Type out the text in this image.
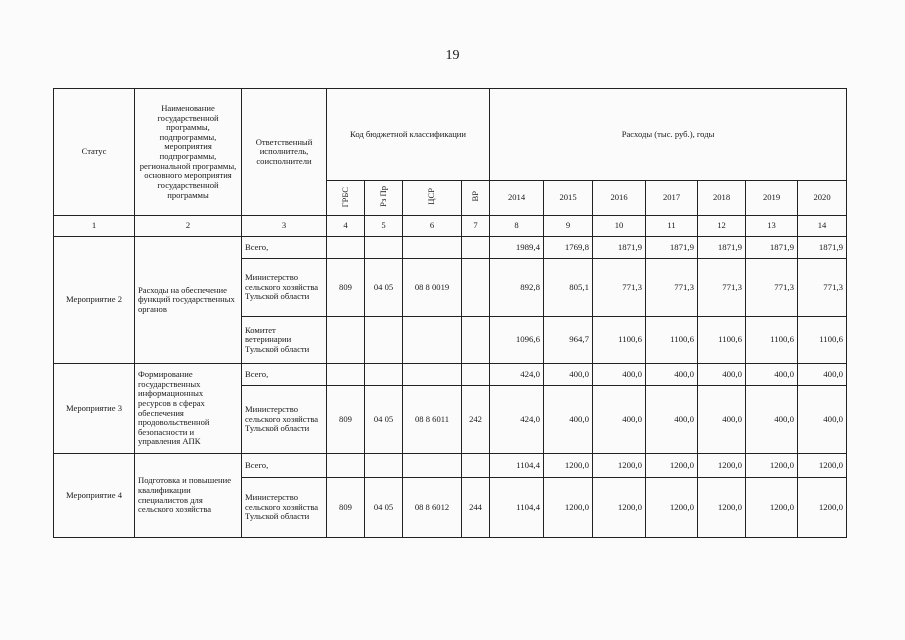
19
Статус	Наименование государственной программы, подпрограммы, мероприятия подпрограммы, региональной программы, основного мероприятия государственной программы	Ответственный исполнитель, соисполнители	Код бюджетной классификации				Расходы (тыс. руб.), годы						
			ГРБС	Рз Пр	ЦСР	ВР	2014	2015	2016	2017	2018	2019	2020
1	2	3	4	5	6	7	8	9	10	11	12	13	14
Мероприятие 2	Расходы на обеспечение функций государственных органов	Всего,					1989,4	1769,8	1871,9	1871,9	1871,9	1871,9	1871,9
		Министерство сельского хозяйства Тульской области	809	04 05	08 8 0019		892,8	805,1	771,3	771,3	771,3	771,3	771,3
		Комитет ветеринарии Тульской области					1096,6	964,7	1100,6	1100,6	1100,6	1100,6	1100,6
Мероприятие 3	Формирование государственных информационных ресурсов в сферах обеспечения продовольственной безопасности и управления АПК	Всего,					424,0	400,0	400,0	400,0	400,0	400,0	400,0
		Министерство сельского хозяйства Тульской области	809	04 05	08 8 6011	242	424,0	400,0	400,0	400,0	400,0	400,0	400,0
Мероприятие 4	Подготовка и повышение квалификации специалистов для сельского хозяйства	Всего,					1104,4	1200,0	1200,0	1200,0	1200,0	1200,0	1200,0
		Министерство сельского хозяйства Тульской области	809	04 05	08 8 6012	244	1104,4	1200,0	1200,0	1200,0	1200,0	1200,0	1200,0
